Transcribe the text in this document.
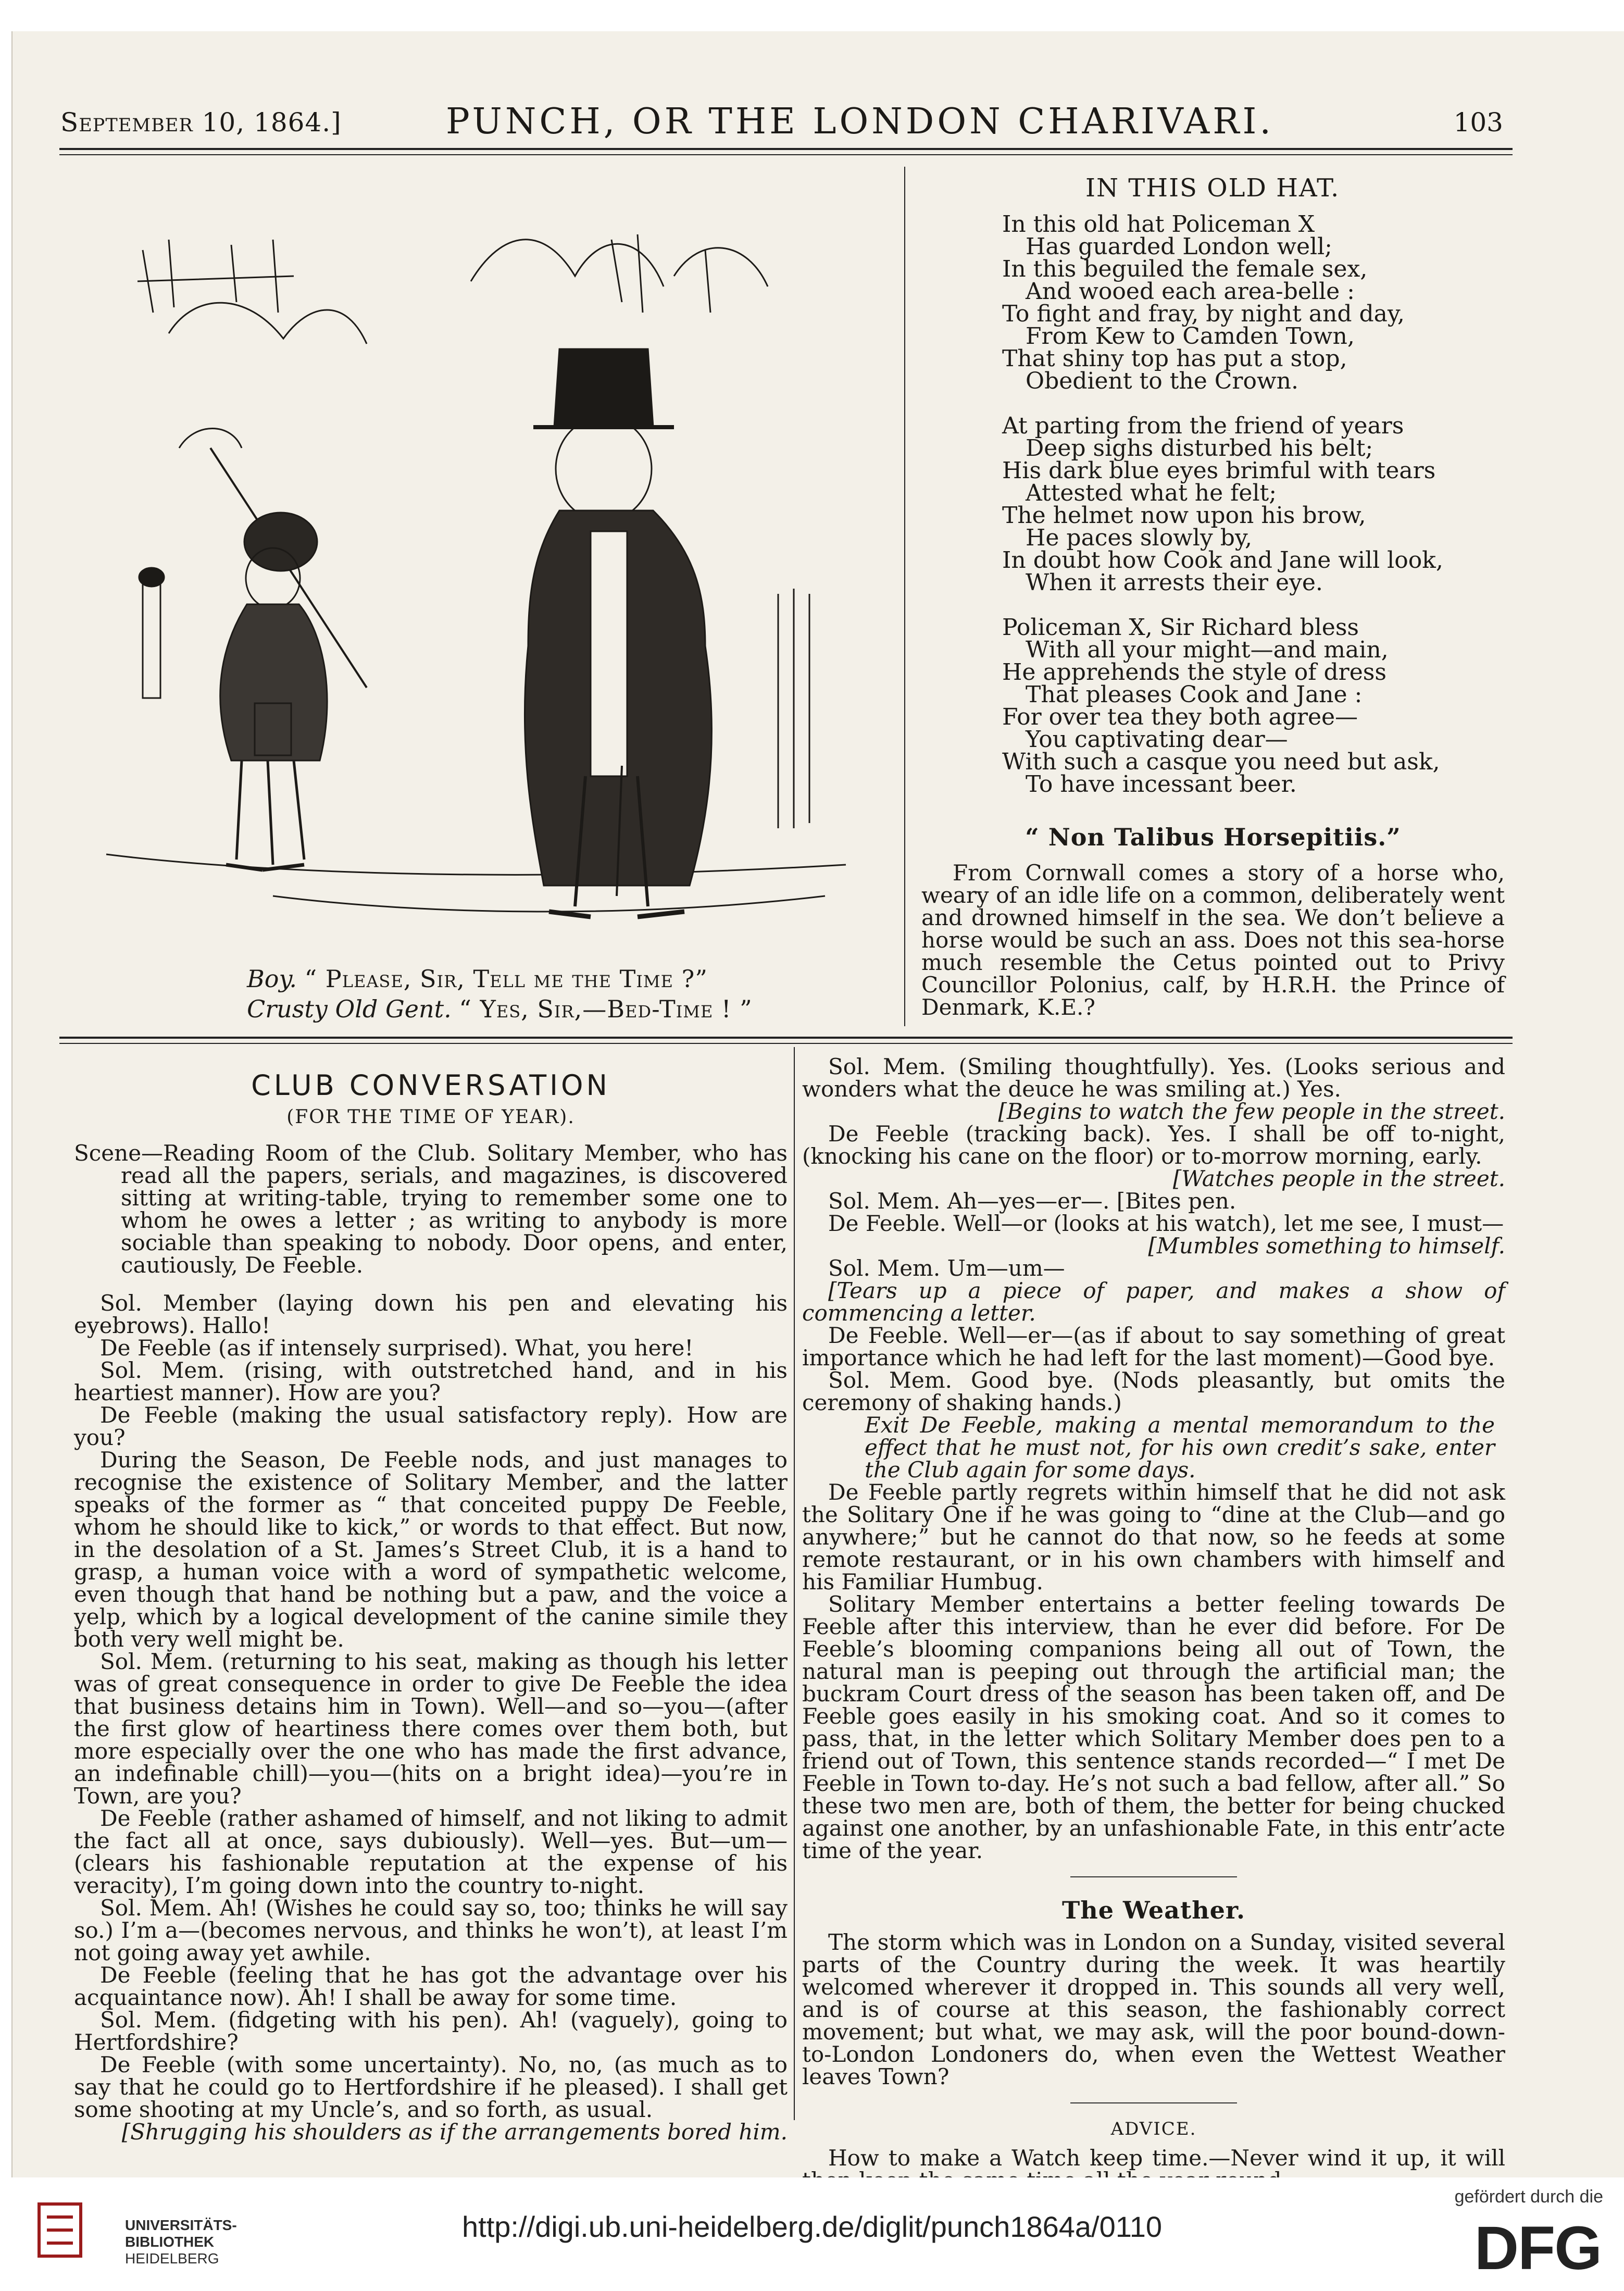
September 10, 1864.]	PUNCH, OR THE LONDON CHARIVARI.	103
Boy. “ Please, Sir, Tell me the Time ?”
Crusty Old Gent. “ Yes, Sir,—Bed-Time ! ”
IN THIS OLD HAT.
In this old hat Policeman X
Has guarded London well;
In this beguiled the female sex,
And wooed each area-belle :
To fight and fray, by night and day,
From Kew to Camden Town,
That shiny top has put a stop,
Obedient to the Crown.
At parting from the friend of years
Deep sighs disturbed his belt;
His dark blue eyes brimful with tears
Attested what he felt;
The helmet now upon his brow,
He paces slowly by,
In doubt how Cook and Jane will look,
When it arrests their eye.
Policeman X, Sir Richard bless
With all your might—and main,
He apprehends the style of dress
That pleases Cook and Jane :
For over tea they both agree—
You captivating dear—
With such a casque you need but ask,
To have incessant beer.
“ Non Talibus Horsepitiis.”

From Cornwall comes a story of a horse who, weary of an idle life on a common, deliberately went and drowned himself in the sea. We don’t believe a horse would be such an ass. Does not this sea-horse much resemble the Cetus pointed out to Privy Councillor Polonius, calf, by H.R.H. the Prince of Denmark, K.E.?

CLUB CONVERSATION
(FOR THE TIME OF YEAR).

Scene—Reading Room of the Club. Solitary Member, who has read all the papers, serials, and magazines, is discovered sitting at writing-table, trying to remember some one to whom he owes a letter ; as writing to anybody is more sociable than speaking to nobody. Door opens, and enter, cautiously, De Feeble.

Sol. Member (laying down his pen and elevating his eyebrows). Hallo!

De Feeble (as if intensely surprised). What, you here!

Sol. Mem. (rising, with outstretched hand, and in his heartiest manner). How are you?

De Feeble (making the usual satisfactory reply). How are you?

During the Season, De Feeble nods, and just manages to recognise the existence of Solitary Member, and the latter speaks of the former as “ that conceited puppy De Feeble, whom he should like to kick,” or words to that effect. But now, in the desolation of a St. James’s Street Club, it is a hand to grasp, a human voice with a word of sympathetic welcome, even though that hand be nothing but a paw, and the voice a yelp, which by a logical development of the canine simile they both very well might be.

Sol. Mem. (returning to his seat, making as though his letter was of great consequence in order to give De Feeble the idea that business detains him in Town). Well—and so—you—(after the first glow of heartiness there comes over them both, but more especially over the one who has made the first advance, an indefinable chill)—you—(hits on a bright idea)—you’re in Town, are you?

De Feeble (rather ashamed of himself, and not liking to admit the fact all at once, says dubiously). Well—yes. But—um—(clears his fashionable reputation at the expense of his veracity), I’m going down into the country to-night.

Sol. Mem. Ah! (Wishes he could say so, too; thinks he will say so.) I’m a—(becomes nervous, and thinks he won’t), at least I’m not going away yet awhile.

De Feeble (feeling that he has got the advantage over his acquaintance now). Ah! I shall be away for some time.

Sol. Mem. (fidgeting with his pen). Ah! (vaguely), going to Hertfordshire?

De Feeble (with some uncertainty). No, no, (as much as to say that he could go to Hertfordshire if he pleased). I shall get some shooting at my Uncle’s, and so forth, as usual.

[Shrugging his shoulders as if the arrangements bored him.

Sol. Mem. (Smiling thoughtfully). Yes. (Looks serious and wonders what the deuce he was smiling at.) Yes.

[Begins to watch the few people in the street.

De Feeble (tracking back). Yes. I shall be off to-night, (knocking his cane on the floor) or to-morrow morning, early.

[Watches people in the street.

Sol. Mem. Ah—yes—er—. [Bites pen.

De Feeble. Well—or (looks at his watch), let me see, I must—

[Mumbles something to himself.

Sol. Mem. Um—um—

[Tears up a piece of paper, and makes a show of commencing a letter.

De Feeble. Well—er—(as if about to say something of great importance which he had left for the last moment)—Good bye.

Sol. Mem. Good bye. (Nods pleasantly, but omits the ceremony of shaking hands.)

Exit De Feeble, making a mental memorandum to the effect that he must not, for his own credit’s sake, enter the Club again for some days.

De Feeble partly regrets within himself that he did not ask the Solitary One if he was going to “dine at the Club—and go anywhere;” but he cannot do that now, so he feeds at some remote restaurant, or in his own chambers with himself and his Familiar Humbug.

Solitary Member entertains a better feeling towards De Feeble after this interview, than he ever did before. For De Feeble’s blooming companions being all out of Town, the natural man is peeping out through the artificial man; the buckram Court dress of the season has been taken off, and De Feeble goes easily in his smoking coat. And so it comes to pass, that, in the letter which Solitary Member does pen to a friend out of Town, this sentence stands recorded—“ I met De Feeble in Town to-day. He’s not such a bad fellow, after all.” So these two men are, both of them, the better for being chucked against one another, by an unfashionable Fate, in this entr’acte time of the year.

The Weather.

The storm which was in London on a Sunday, visited several parts of the Country during the week. It was heartily welcomed wherever it dropped in. This sounds all very well, and is of course at this season, the fashionably correct movement; but what, we may ask, will the poor bound-down-to-London Londoners do, when even the Wettest Weather leaves Town?

ADVICE.

How to make a Watch keep time.—Never wind it up, it will

UNIVERSITÄTS-
BIBLIOTHEK
HEIDELBERG
http://digi.ub.uni-heidelberg.de/diglit/punch1864a/0110
gefördert durch die
DFG
